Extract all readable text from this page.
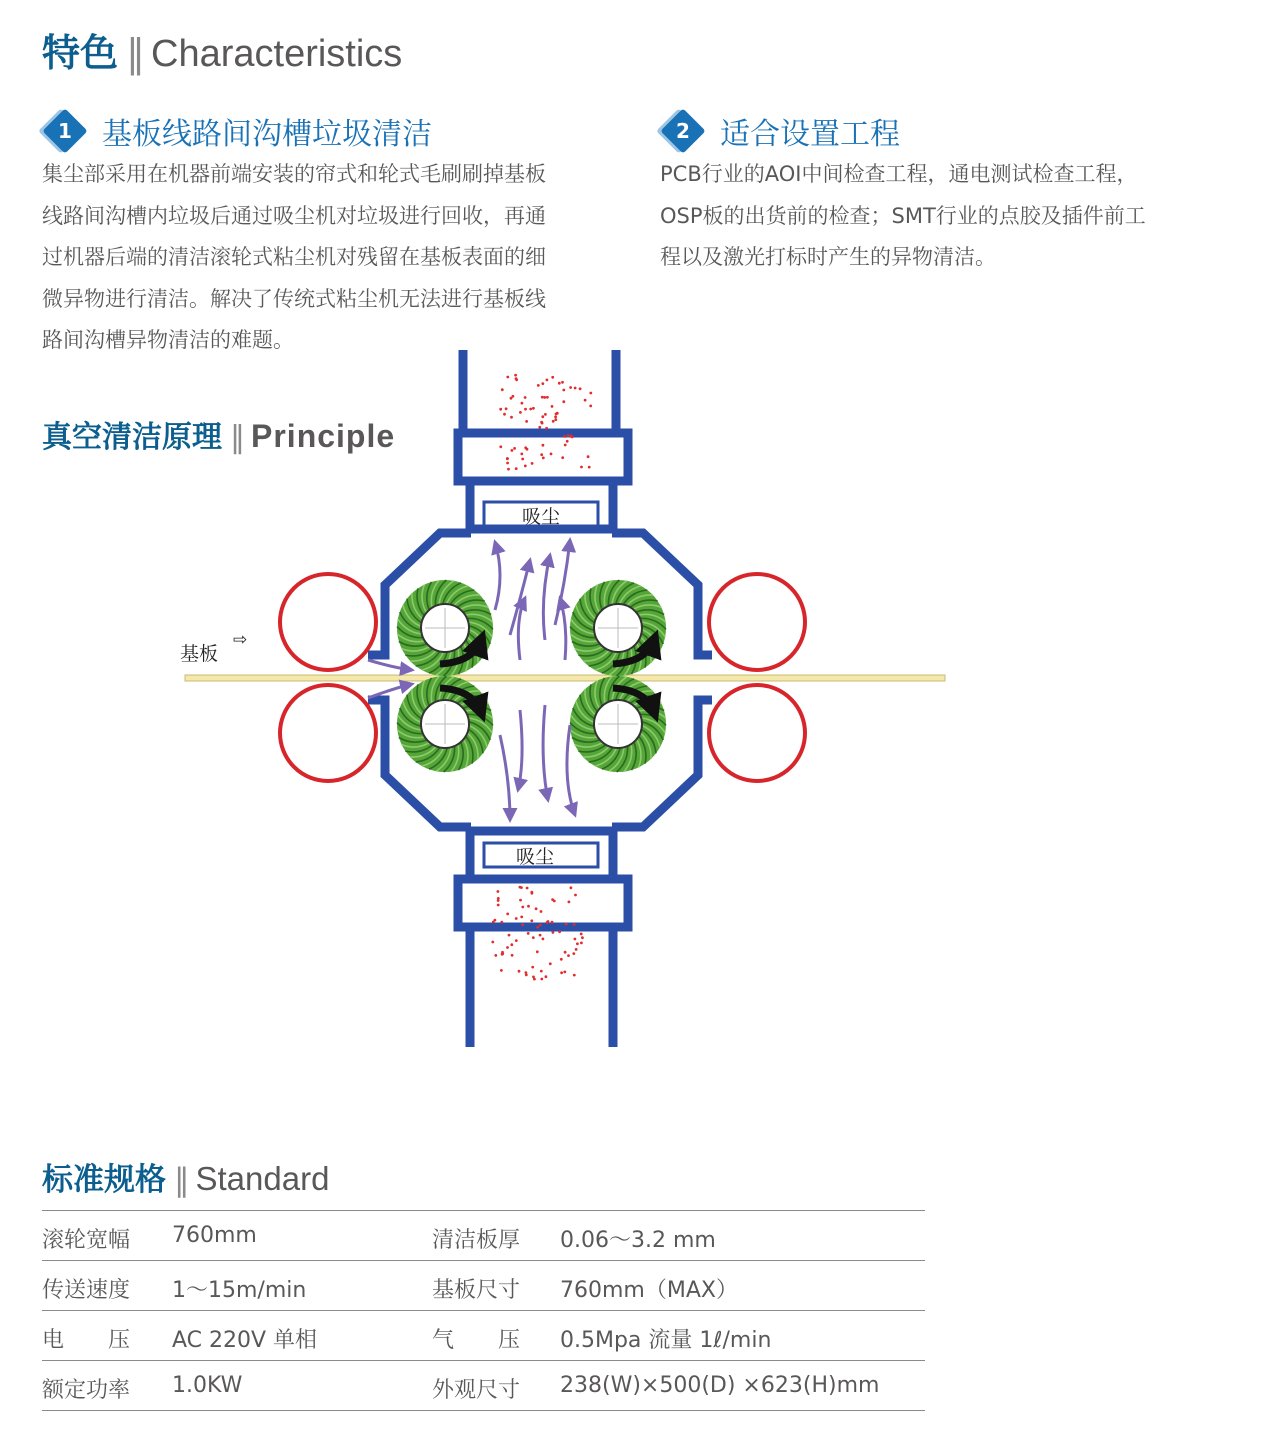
特色 ‖ Characteristics
1	基板线路间沟槽垃圾清洁
集尘部采用在机器前端安装的帘式和轮式毛刷刷掉基板
线路间沟槽内垃圾后通过吸尘机对垃圾进行回收，再通
过机器后端的清洁滚轮式粘尘机对残留在基板表面的细
微异物进行清洁。解决了传统式粘尘机无法进行基板线
路间沟槽异物清洁的难题。
2	适合设置工程
PCB行业的AOI中间检查工程，通电测试检查工程，
OSP板的出货前的检查；SMT行业的点胶及插件前工
程以及激光打标时产生的异物清洁。
真空清洁原理 ‖ Principle
吸尘
吸尘
基板
⇨
标准规格 ‖ Standard
滚轮宽幅 760mm	清洁板厚 0.06～3.2 mm
传送速度 1～15m/min	基板尺寸 760mm（MAX）
电　　压 AC 220V 单相	气　　压 0.5Mpa 流量 1ℓ/min
额定功率 1.0KW	外观尺寸 238(W)×500(D) ×623(H)mm
